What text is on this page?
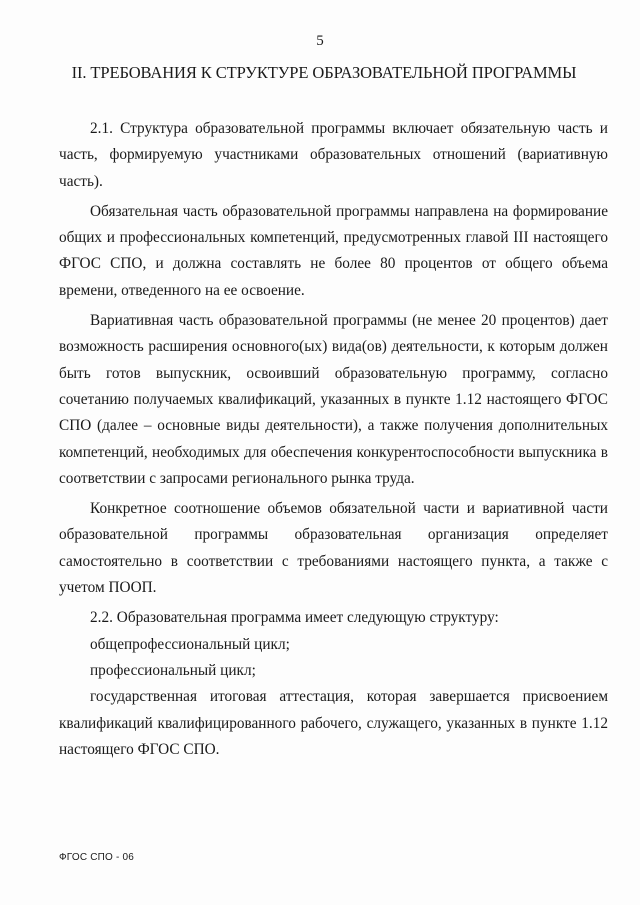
5
II. ТРЕБОВАНИЯ К СТРУКТУРЕ ОБРАЗОВАТЕЛЬНОЙ ПРОГРАММЫ

2.1. Структура образовательной программы включает обязательную часть и часть, формируемую участниками образовательных отношений (вариативную часть).

Обязательная часть образовательной программы направлена на формирование общих и профессиональных компетенций, предусмотренных главой III настоящего ФГОС СПО, и должна составлять не более 80 процентов от общего объема времени, отведенного на ее освоение.

Вариативная часть образовательной программы (не менее 20 процентов) дает возможность расширения основного(ых) вида(ов) деятельности, к которым должен быть готов выпускник, освоивший образовательную программу, согласно сочетанию получаемых квалификаций, указанных в пункте 1.12 настоящего ФГОС СПО (далее – основные виды деятельности), а также получения дополнительных компетенций, необходимых для обеспечения конкурентоспособности выпускника в соответствии с запросами регионального рынка труда.

Конкретное соотношение объемов обязательной части и вариативной части образовательной программы образовательная организация определяет самостоятельно в соответствии с требованиями настоящего пункта, а также с учетом ПООП.

2.2. Образовательная программа имеет следующую структуру:

общепрофессиональный цикл;

профессиональный цикл;

государственная итоговая аттестация, которая завершается присвоением квалификаций квалифицированного рабочего, служащего, указанных в пункте 1.12 настоящего ФГОС СПО.

ФГОС СПО - 06
